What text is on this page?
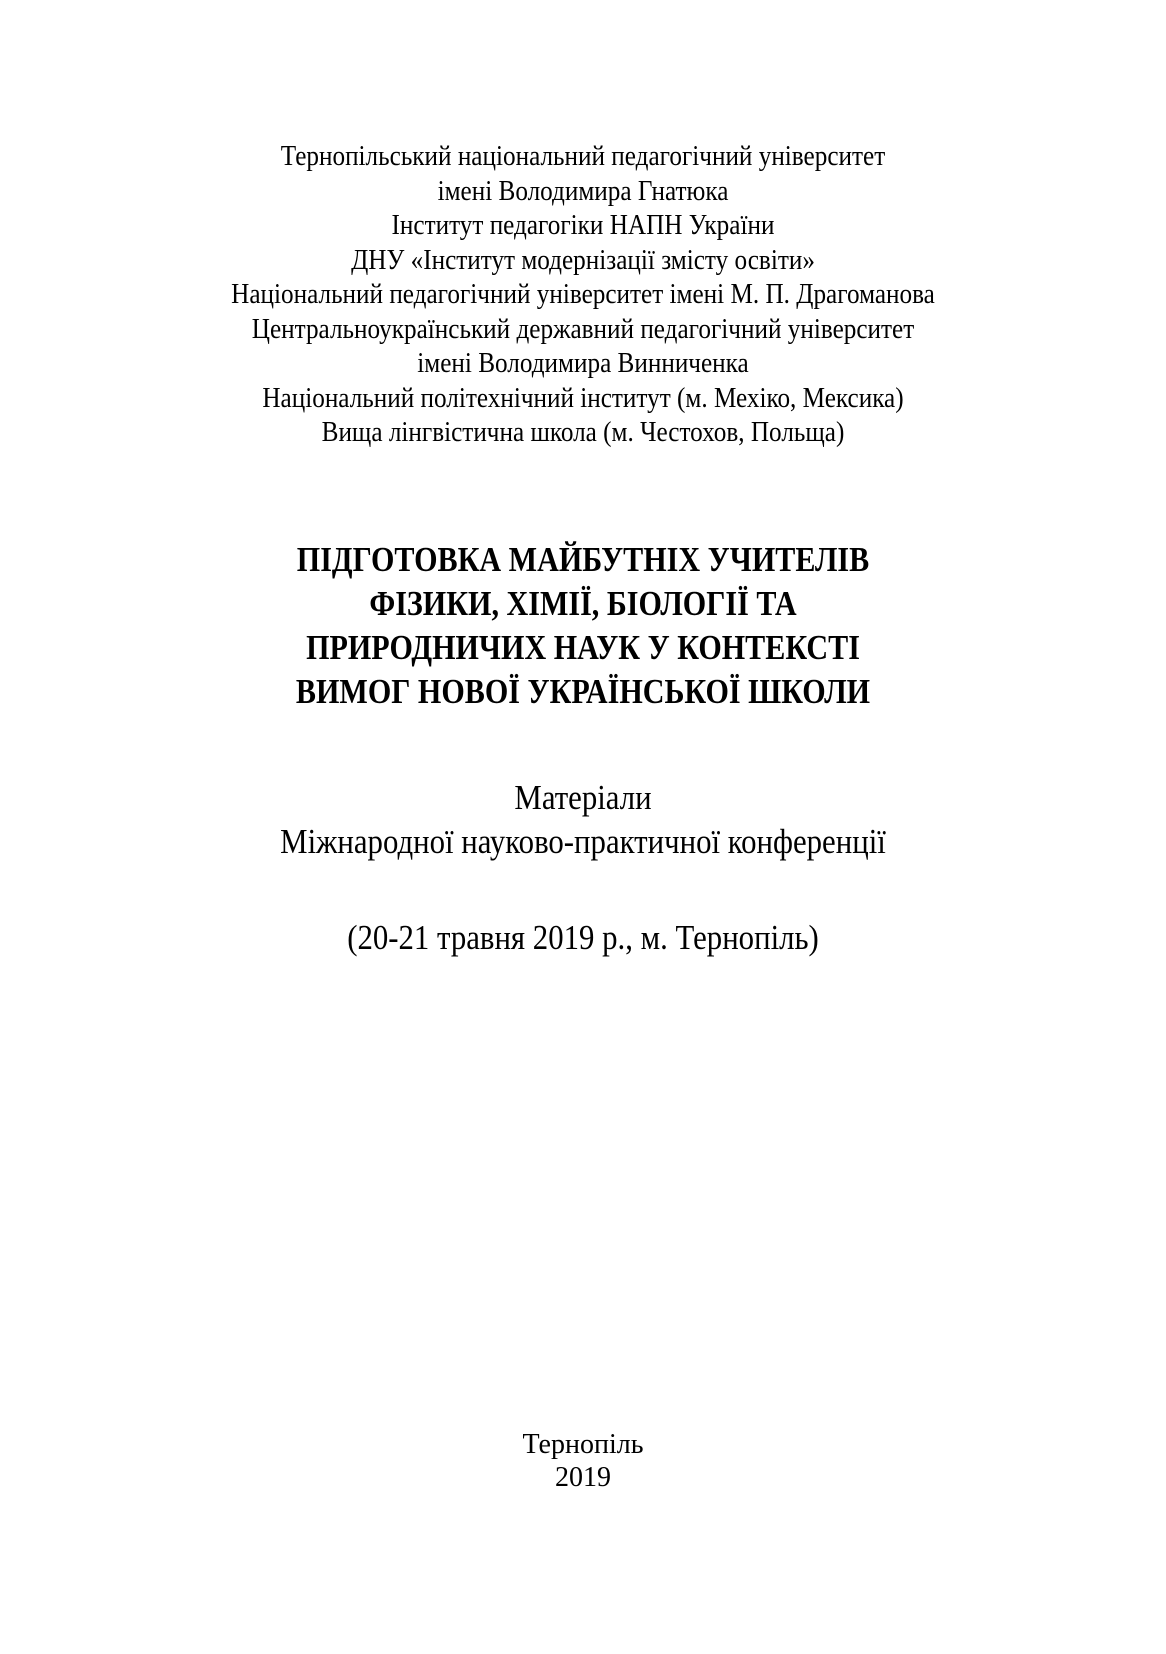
Тернопільський національний педагогічний університет
імені Володимира Гнатюка
Інститут педагогіки НАПН України
ДНУ «Інститут модернізації змісту освіти»
Національний педагогічний університет імені М. П. Драгоманова
Центральноукраїнський державний педагогічний університет
імені Володимира Винниченка
Національний політехнічний інститут (м. Мехіко, Мексика)
Вища лінгвістична школа (м. Честохов, Польща)
ПІДГОТОВКА МАЙБУТНІХ УЧИТЕЛІВ
ФІЗИКИ, ХІМІЇ, БІОЛОГІЇ ТА
ПРИРОДНИЧИХ НАУК У КОНТЕКСТІ
ВИМОГ НОВОЇ УКРАЇНСЬКОЇ ШКОЛИ
Матеріали
Міжнародної науково-практичної конференції
(20-21 травня 2019 р., м. Тернопіль)
Тернопіль
2019
